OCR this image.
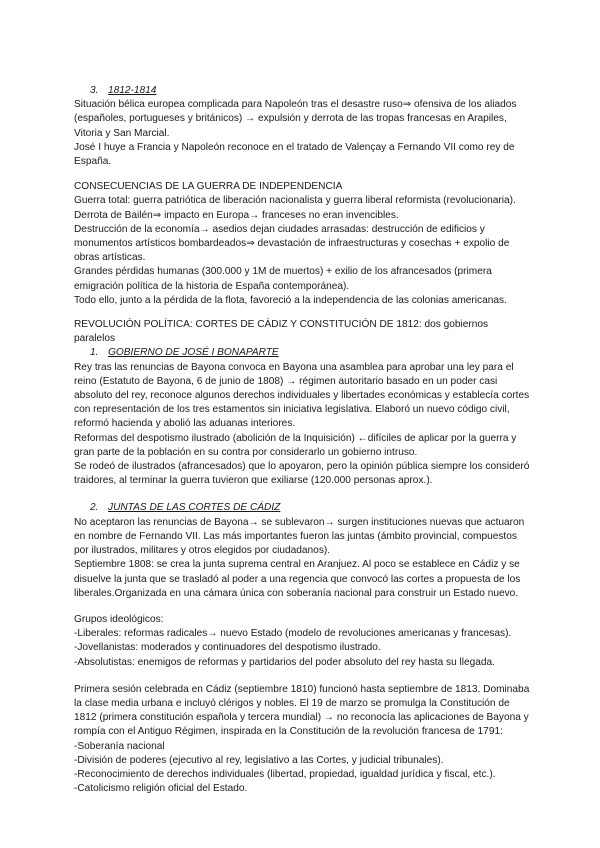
3. 1812-1814
Situación bélica europea complicada para Napoleón tras el desastre ruso⇒ ofensiva de los aliados
(españoles, portugueses y británicos) → expulsión y derrota de las tropas francesas en Arapiles,
Vitoria y San Marcial.
José I huye a Francia y Napoleón reconoce en el tratado de Valençay a Fernando VII como rey de
España.
CONSECUENCIAS DE LA GUERRA DE INDEPENDENCIA
Guerra total: guerra patriótica de liberación nacionalista y guerra liberal reformista (revolucionaria).
Derrota de Bailén⇒ impacto en Europa→ franceses no eran invencibles.
Destrucción de la economía→ asedios dejan ciudades arrasadas: destrucción de edificios y
monumentos artísticos bombardeados⇒ devastación de infraestructuras y cosechas + expolio de
obras artísticas.
Grandes pérdidas humanas (300.000 y 1M de muertos) + exilio de los afrancesados (primera
emigración política de la historia de España contemporánea).
Todo ello, junto a la pérdida de la flota, favoreció a la independencia de las colonias americanas.
REVOLUCIÓN POLÍTICA: CORTES DE CÁDIZ Y CONSTITUCIÓN DE 1812: dos gobiernos
paralelos
1. GOBIERNO DE JOSÉ I BONAPARTE
Rey tras las renuncias de Bayona convoca en Bayona una asamblea para aprobar una ley para el
reino (Estatuto de Bayona, 6 de junio de 1808) → régimen autoritario basado en un poder casi
absoluto del rey, reconoce algunos derechos individuales y libertades económicas y establecía cortes
con representación de los tres estamentos sin iniciativa legislativa. Elaboró un nuevo código civil,
reformó hacienda y abolió las aduanas interiores.
Reformas del despotismo ilustrado (abolición de la Inquisición) ←difíciles de aplicar por la guerra y
gran parte de la población en su contra por considerarlo un gobierno intruso.
Se rodeó de ilustrados (afrancesados) que lo apoyaron, pero la opinión pública siempre los consideró
traidores, al terminar la guerra tuvieron que exiliarse (120.000 personas aprox.).
2. JUNTAS DE LAS CORTES DE CÁDIZ
No aceptaron las renuncias de Bayona→ se sublevaron→ surgen instituciones nuevas que actuaron
en nombre de Fernando VII. Las más importantes fueron las juntas (ámbito provincial, compuestos
por ilustrados, militares y otros elegidos por ciudadanos).
Septiembre 1808: se crea la junta suprema central en Aranjuez. Al poco se establece en Cádiz y se
disuelve la junta que se trasladó al poder a una regencia que convocó las cortes a propuesta de los
liberales.Organizada en una cámara única con soberanía nacional para construir un Estado nuevo.
Grupos ideológicos:
-Liberales: reformas radicales→ nuevo Estado (modelo de revoluciones americanas y francesas).
-Jovellanistas: moderados y continuadores del despotismo ilustrado.
-Absolutistas: enemigos de reformas y partidarios del poder absoluto del rey hasta su llegada.
Primera sesión celebrada en Cádiz (septiembre 1810) funcionó hasta septiembre de 1813. Dominaba
la clase media urbana e incluyó clérigos y nobles. El 19 de marzo se promulga la Constitución de
1812 (primera constitución española y tercera mundial) → no reconocía las aplicaciones de Bayona y
rompía con el Antiguo Régimen, inspirada en la Constitución de la revolución francesa de 1791:
-Soberanía nacional
-División de poderes (ejecutivo al rey, legislativo a las Cortes, y judicial tribunales).
-Reconocimiento de derechos individuales (libertad, propiedad, igualdad jurídica y fiscal, etc.).
-Catolicismo religión oficial del Estado.
